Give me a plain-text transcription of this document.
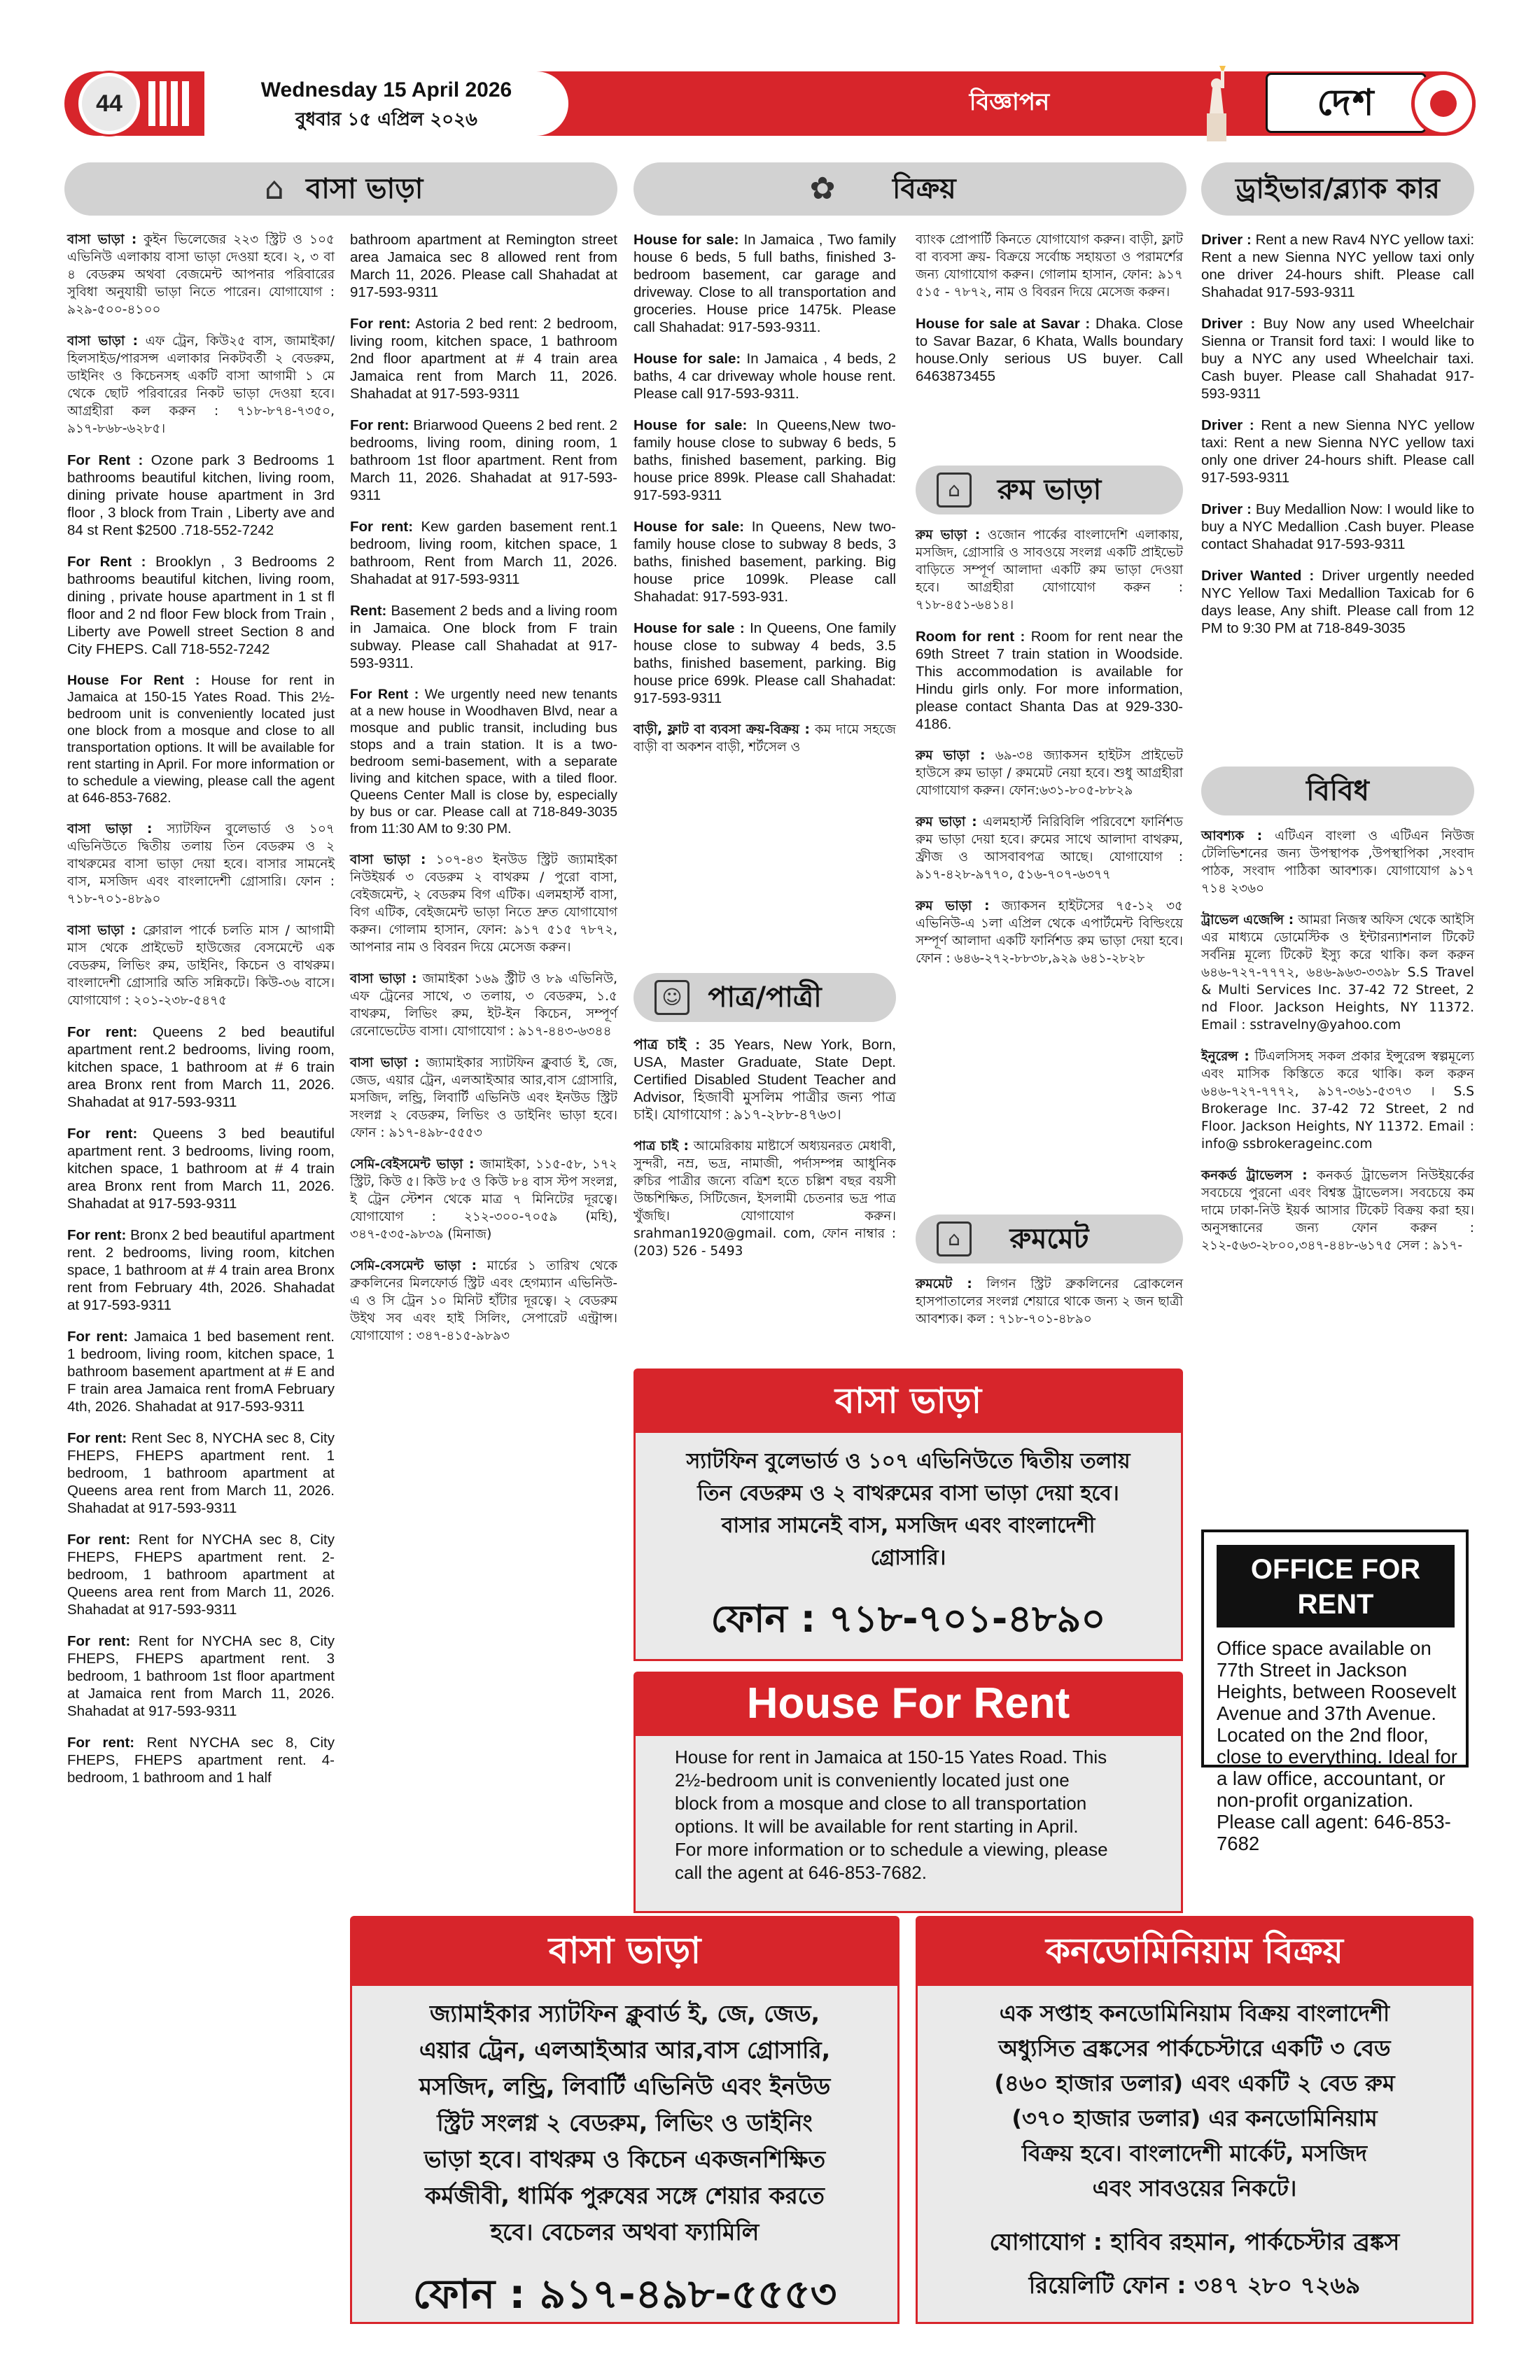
44
Wednesday 15 April 2026
বুধবার ১৫ এপ্রিল ২০২৬
বিজ্ঞাপন	দেশ
⌂ বাসা ভাড়া	✿ বিক্রয়	ড্রাইভার/ব্ল্যাক কার

বাসা ভাড়া : কুইন ভিলেজের ২২৩ স্ট্রিট ও ১০৫ এভিনিউ এলাকায় বাসা ভাড়া দেওয়া হবে। ২, ৩ বা ৪ বেডরুম অথবা বেজমেন্ট আপনার পরিবারের সুবিধা অনুযায়ী ভাড়া নিতে পারেন। যোগাযোগ : ৯২৯-৫০০-৪১০০

বাসা ভাড়া : এফ ট্রেন, কিউ২৫ বাস, জামাইকা/ হিলসাইড/পারসন্স এলাকার নিকটবর্তী ২ বেডরুম, ডাইনিং ও কিচেনসহ একটি বাসা আগামী ১ মে থেকে ছোট পরিবারের নিকট ভাড়া দেওয়া হবে। আগ্রহীরা কল করুন : ৭১৮-৮৭৪-৭৩৫০, ৯১৭-৮৬৮-৬২৮৫।

For Rent : Ozone park 3 Bedrooms 1 bathrooms beautiful kitchen, living room, dining private house apartment in 3rd floor , 3 block from Train , Liberty ave and 84 st Rent $2500 .718-552-7242

For Rent : Brooklyn , 3 Bedrooms 2 bathrooms beautiful kitchen, living room, dining , private house apartment in 1 st fl floor and 2 nd floor Few block from Train , Liberty ave Powell street Section 8 and City FHEPS. Call 718-552-7242

House For Rent : House for rent in Jamaica at 150-15 Yates Road. This 2½-bedroom unit is conveniently located just one block from a mosque and close to all transportation options. It will be available for rent starting in April. For more information or to schedule a viewing, please call the agent at 646-853-7682.

বাসা ভাড়া : স্যাটফিন বুলেভার্ড ও ১০৭ এভিনিউতে দ্বিতীয় তলায় তিন বেডরুম ও ২ বাথরুমের বাসা ভাড়া দেয়া হবে। বাসার সামনেই বাস, মসজিদ এবং বাংলাদেশী গ্রোসারি। ফোন : ৭১৮-৭০১-৪৮৯০

বাসা ভাড়া : ক্লোরাল পার্কে চলতি মাস / আগামী মাস থেকে প্রাইভেট হাউজের বেসমেন্টে এক বেডরুম, লিভিং রুম, ডাইনিং, কিচেন ও বাথরুম। বাংলাদেশী গ্রোসারি অতি সন্নিকটে। কিউ-৩৬ বাসে। যোগাযোগ : ২০১-২৩৮-৫৪৭৫

For rent: Queens 2 bed beautiful apartment rent.2 bedrooms, living room, kitchen space, 1 bathroom at # 6 train area Bronx rent from March 11, 2026. Shahadat at 917-593-9311

For rent: Queens 3 bed beautiful apartment rent. 3 bedrooms, living room, kitchen space, 1 bathroom at # 4 train area Bronx rent from March 11, 2026. Shahadat at 917-593-9311

For rent: Bronx 2 bed beautiful apartment rent. 2 bedrooms, living room, kitchen space, 1 bathroom at # 4 train area Bronx rent from February 4th, 2026. Shahadat at 917-593-9311

For rent: Jamaica 1 bed basement rent. 1 bedroom, living room, kitchen space, 1 bathroom basement apartment at # E and F train area Jamaica rent fromA February 4th, 2026. Shahadat at 917-593-9311

For rent: Rent Sec 8, NYCHA sec 8, City FHEPS, FHEPS apartment rent. 1 bedroom, 1 bathroom apartment at Queens area rent from March 11, 2026. Shahadat at 917-593-9311

For rent: Rent for NYCHA sec 8, City FHEPS, FHEPS apartment rent. 2-bedroom, 1 bathroom apartment at Queens area rent from March 11, 2026. Shahadat at 917-593-9311

For rent: Rent for NYCHA sec 8, City FHEPS, FHEPS apartment rent. 3 bedroom, 1 bathroom 1st floor apartment at Jamaica rent from March 11, 2026. Shahadat at 917-593-9311

For rent: Rent NYCHA sec 8, City FHEPS, FHEPS apartment rent. 4-bedroom, 1 bathroom and 1 half

bathroom apartment at Remington street area Jamaica sec 8 allowed rent from March 11, 2026. Please call Shahadat at 917-593-9311

For rent: Astoria 2 bed rent: 2 bedroom, living room, kitchen space, 1 bathroom 2nd floor apartment at # 4 train area Jamaica rent from March 11, 2026. Shahadat at 917-593-9311

For rent: Briarwood Queens 2 bed rent. 2 bedrooms, living room, dining room, 1 bathroom 1st floor apartment. Rent from March 11, 2026. Shahadat at 917-593-9311

For rent: Kew garden basement rent.1 bedroom, living room, kitchen space, 1 bathroom, Rent from March 11, 2026. Shahadat at 917-593-9311

Rent: Basement 2 beds and a living room in Jamaica. One block from F train subway. Please call Shahadat at 917-593-9311.

For Rent : We urgently need new tenants at a new house in Woodhaven Blvd, near a mosque and public transit, including bus stops and a train station. It is a two-bedroom semi-basement, with a separate living and kitchen space, with a tiled floor. Queens Center Mall is close by, especially by bus or car. Please call at 718-849-3035 from 11:30 AM to 9:30 PM.

বাসা ভাড়া : ১০৭-৪৩ ইনউড স্ট্রিট জ্যামাইকা নিউইয়র্ক ৩ বেডরুম ২ বাথরুম / পুরো বাসা, বেইজমেন্ট, ২ বেডরুম বিগ এটিক। এলমহার্স্ট বাসা, বিগ এটিক, বেইজমেন্ট ভাড়া নিতে দ্রুত যোগাযোগ করুন। গোলাম হাসান, ফোন: ৯১৭ ৫১৫ ৭৮৭২, আপনার নাম ও বিবরন দিয়ে মেসেজ করুন।

বাসা ভাড়া : জামাইকা ১৬৯ স্ট্রীট ও ৮৯ এভিনিউ, এফ ট্রেনের সাথে, ৩ তলায়, ৩ বেডরুম, ১.৫ বাথরুম, লিভিং রুম, ইট-ইন কিচেন, সম্পূর্ণ রেনোভেটেড বাসা। যোগাযোগ : ৯১৭-৪৪৩-৬৩৪৪

বাসা ভাড়া : জ্যামাইকার স্যাটফিন ক্লুবার্ড ই, জে, জেড, এয়ার ট্রেন, এলআইআর আর,বাস গ্রোসারি, মসজিদ, লন্ড্রি, লিবার্টি এভিনিউ এবং ইনউড স্ট্রিট সংলগ্ন ২ বেডরুম, লিভিং ও ডাইনিং ভাড়া হবে। ফোন : ৯১৭-৪৯৮-৫৫৫৩

সেমি-বেইসমেন্ট ভাড়া : জামাইকা, ১১৫-৫৮, ১৭২ স্ট্রিট, কিউ ৫। কিউ ৮৫ ও কিউ ৮৪ বাস স্টপ সংলগ্ন, ই ট্রেন স্টেশন থেকে মাত্র ৭ মিনিটের দূরত্বে। যোগাযোগ : ২১২-৩০০-৭০৫৯ (মহি), ৩৪৭-৫৩৫-৯৮৩৯ (মিনাজ)

সেমি-বেসমেন্ট ভাড়া : মার্চের ১ তারিখ থেকে ব্রুকলিনের মিলফোর্ড স্ট্রিট এবং হেগম্যান এভিনিউ-এ ও সি ট্রেন ১০ মিনিট হাঁটার দূরত্বে। ২ বেডরুম উইথ সব এবং হাই সিলিং, সেপারেট এন্ট্রান্স। যোগাযোগ : ৩৪৭-৪১৫-৯৮৯৩

House for sale: In Jamaica , Two family house 6 beds, 5 full baths, finished 3-bedroom basement, car garage and driveway. Close to all transportation and groceries. House price 1475k. Please call Shahadat: 917-593-9311.

House for sale: In Jamaica , 4 beds, 2 baths, 4 car driveway whole house rent. Please call 917-593-9311.

House for sale: In Queens,New two-family house close to subway 6 beds, 5 baths, finished basement, parking. Big house price 899k. Please call Shahadat: 917-593-9311

House for sale: In Queens, New two-family house close to subway 8 beds, 3 baths, finished basement, parking. Big house price 1099k. Please call Shahadat: 917-593-931.

House for sale : In Queens, One family house close to subway 4 beds, 3.5 baths, finished basement, parking. Big house price 699k. Please call Shahadat: 917-593-9311

বাড়ী, ফ্লাট বা ব্যবসা ক্রয়-বিক্রয় : কম দামে সহজে বাড়ী বা অকশন বাড়ী, শর্টসেল ও

☺ পাত্র/পাত্রী

পাত্র চাই : 35 Years, New York, Born, USA, Master Graduate, State Dept. Certified Disabled Student Teacher and Advisor, হিজাবী মুসলিম পাত্রীর জন্য পাত্র চাই। যোগাযোগ : ৯১৭-২৮৮-৪৭৬৩।

পাত্র চাই : আমেরিকায় মাষ্টার্সে অধ্যয়নরত মেধাবী, সুন্দরী, নম্র, ভদ্র, নামাজী, পর্দাসম্পন্ন আধুনিক রুচির পাত্রীর জন্যে বত্রিশ হতে চল্লিশ বছর বয়সী উচ্চশিক্ষিত, সিটিজেন, ইসলামী চেতনার ভদ্র পাত্র খুঁজছি। যোগাযোগ করুন। srahman1920@gmail. com, ফোন নাম্বার : (203) 526 - 5493

ব্যাংক প্রোপার্টি কিনতে যোগাযোগ করুন। বাড়ী, ফ্লাট বা ব্যবসা ক্রয়- বিক্রয়ে সর্বোচ্চ সহায়তা ও পরামর্শের জন্য যোগাযোগ করুন। গোলাম হাসান, ফোন: ৯১৭ ৫১৫ - ৭৮৭২, নাম ও বিবরন দিয়ে মেসেজ করুন।

House for sale at Savar : Dhaka. Close to Savar Bazar, 6 Khata, Walls boundary house.Only serious US buyer. Call 6463873455

⌂	রুম ভাড়া

রুম ভাড়া : ওজোন পার্কের বাংলাদেশি এলাকায়, মসজিদ, গ্রোসারি ও সাবওয়ে সংলগ্ন একটি প্রাইভেট বাড়িতে সম্পূর্ণ আলাদা একটি রুম ভাড়া দেওয়া হবে। আগ্রহীরা যোগাযোগ করুন : ৭১৮-৪৫১-৬৪১৪।

Room for rent : Room for rent near the 69th Street 7 train station in Woodside. This accommodation is available for Hindu girls only. For more information, please contact Shanta Das at 929-330-4186.

রুম ভাড়া : ৬৯-৩৪ জ্যাকসন হাইটস প্রাইভেট হাউসে রুম ভাড়া / রুমমেট নেয়া হবে। শুধু আগ্রহীরা যোগাযোগ করুন। ফোন:৬৩১-৮০৫-৮৮২৯

রুম ভাড়া : এলমহার্স্ট নিরিবিলি পরিবেশে ফার্নিশড রুম ভাড়া দেয়া হবে। রুমের সাথে আলাদা বাথরুম, ফ্রীজ ও আসবাবপত্র আছে। যোগাযোগ : ৯১৭-৪২৮-৯৭৭০, ৫১৬-৭০৭-৬৩৭৭

রুম ভাড়া : জ্যাকসন হাইটসের ৭৫-১২ ৩৫ এভিনিউ-এ ১লা এপ্রিল থেকে এপার্টমেন্ট বিল্ডিংয়ে সম্পূর্ণ আলাদা একটি ফার্নিশড রুম ভাড়া দেয়া হবে। ফোন : ৬৪৬-২৭২-৮৮৩৮,৯২৯ ৬৪১-২৮২৮

⌂	রুমমেট

রুমমেট : লিগন স্ট্রিট ব্রুকলিনের ব্রোকলেন হাসপাতালের সংলগ্ন শেয়ারে থাকে জন্য ২ জন ছাত্রী আবশ্যক। কল : ৭১৮-৭০১-৪৮৯০

Driver : Rent a new Rav4 NYC yellow taxi: Rent a new Sienna NYC yellow taxi only one driver 24-hours shift. Please call Shahadat 917-593-9311

Driver : Buy Now any used Wheelchair Sienna or Transit ford taxi: I would like to buy a NYC any used Wheelchair taxi. Cash buyer. Please call Shahadat 917-593-9311

Driver : Rent a new Sienna NYC yellow taxi: Rent a new Sienna NYC yellow taxi only one driver 24-hours shift. Please call 917-593-9311

Driver : Buy Medallion Now: I would like to buy a NYC Medallion .Cash buyer. Please contact Shahadat 917-593-9311

Driver Wanted : Driver urgently needed NYC Yellow Taxi Medallion Taxicab for 6 days lease, Any shift. Please call from 12 PM to 9:30 PM at 718-849-3035

বিবিধ

আবশ্যক : এটিএন বাংলা ও এটিএন নিউজ টেলিভিশনের জন্য উপস্থাপক ,উপস্থাপিকা ,সংবাদ পাঠক, সংবাদ পাঠিকা আবশ্যক। যোগাযোগ ৯১৭ ৭১৪ ২৩৬০

ট্রাভেল এজেন্সি : আমরা নিজস্ব অফিস থেকে আইসি এর মাধ্যমে ডোমেস্টিক ও ইন্টারন্যাশনাল টিকেট সর্বনিম্ন মূল্যে টিকেট ইস্যু করে থাকি। কল করুন ৬৪৬-৭২৭-৭৭৭২, ৬৪৬-৯৬৩-৩৩৯৮ S.S Travel & Multi Services Inc. 37-42 72 Street, 2 nd Floor. Jackson Heights, NY 11372. Email : sstravelny@yahoo.com

ইনুরেন্স : টিএলসিসহ সকল প্রকার ইন্সুরেন্স স্বল্পমূল্যে এবং মাসিক কিস্তিতে করে থাকি। কল করুন ৬৪৬-৭২৭-৭৭৭২, ৯১৭-৩৬১-৫৩৭৩ । S.S Brokerage Inc. 37-42 72 Street, 2 nd Floor. Jackson Heights, NY 11372. Email : info@ ssbrokerageinc.com

কনকর্ড ট্রাভেলস : কনকর্ড ট্রাভেলস নিউইয়র্কের সবচেয়ে পুরনো এবং বিশ্বস্ত ট্রাভেলস। সবচেয়ে কম দামে ঢাকা-নিউ ইয়র্ক আসার টিকেট বিক্রয় করা হয়। অনুসন্ধানের জন্য ফোন করুন : ২১২-৫৬৩-২৮০০,৩৪৭-৪৪৮-৬১৭৫ সেল : ৯১৭-

বাসা ভাড়া
স্যাটফিন বুলেভার্ড ও ১০৭ এভিনিউতে দ্বিতীয় তলায়
তিন বেডরুম ও ২ বাথরুমের বাসা ভাড়া দেয়া হবে।
বাসার সামনেই বাস, মসজিদ এবং বাংলাদেশী
গ্রোসারি।
ফোন : ৭১৮-৭০১-৪৮৯০
House For Rent
House for rent in Jamaica at 150-15 Yates Road. This
2½-bedroom unit is conveniently located just one
block from a mosque and close to all transportation
options. It will be available for rent starting in April.
For more information or to schedule a viewing, please
call the agent at 646-853-7682.
OFFICE FOR RENT
Office space available on 77th Street in Jackson Heights, between Roosevelt Avenue and 37th Avenue. Located on the 2nd floor, close to everything. Ideal for a law office, accountant, or non-profit organization. Please call agent: 646-853-7682
বাসা ভাড়া
জ্যামাইকার স্যাটফিন ক্লুবার্ড ই, জে, জেড,
এয়ার ট্রেন, এলআইআর আর,বাস গ্রোসারি,
মসজিদ, লন্ড্রি, লিবার্টি এভিনিউ এবং ইনউড
স্ট্রিট সংলগ্ন ২ বেডরুম, লিভিং ও ডাইনিং
ভাড়া হবে। বাথরুম ও কিচেন একজনশিক্ষিত
কর্মজীবী, ধার্মিক পুরুষের সঙ্গে শেয়ার করতে
হবে। বেচেলর অথবা ফ্যামিলি
ফোন : ৯১৭-৪৯৮-৫৫৫৩
কনডোমিনিয়াম বিক্রয়
এক সপ্তাহ কনডোমিনিয়াম বিক্রয় বাংলাদেশী
অধ্যুসিত ব্রঙ্কসের পার্কচেস্টারে একটি ৩ বেড
(৪৬০ হাজার ডলার) এবং একটি ২ বেড রুম
(৩৭০ হাজার ডলার) এর কনডোমিনিয়াম
বিক্রয় হবে। বাংলাদেশী মার্কেট, মসজিদ
এবং সাবওয়ের নিকটে।
যোগাযোগ : হাবিব রহমান, পার্কচেস্টার ব্রঙ্কস
রিয়েলিটি ফোন : ৩৪৭ ২৮০ ৭২৬৯
